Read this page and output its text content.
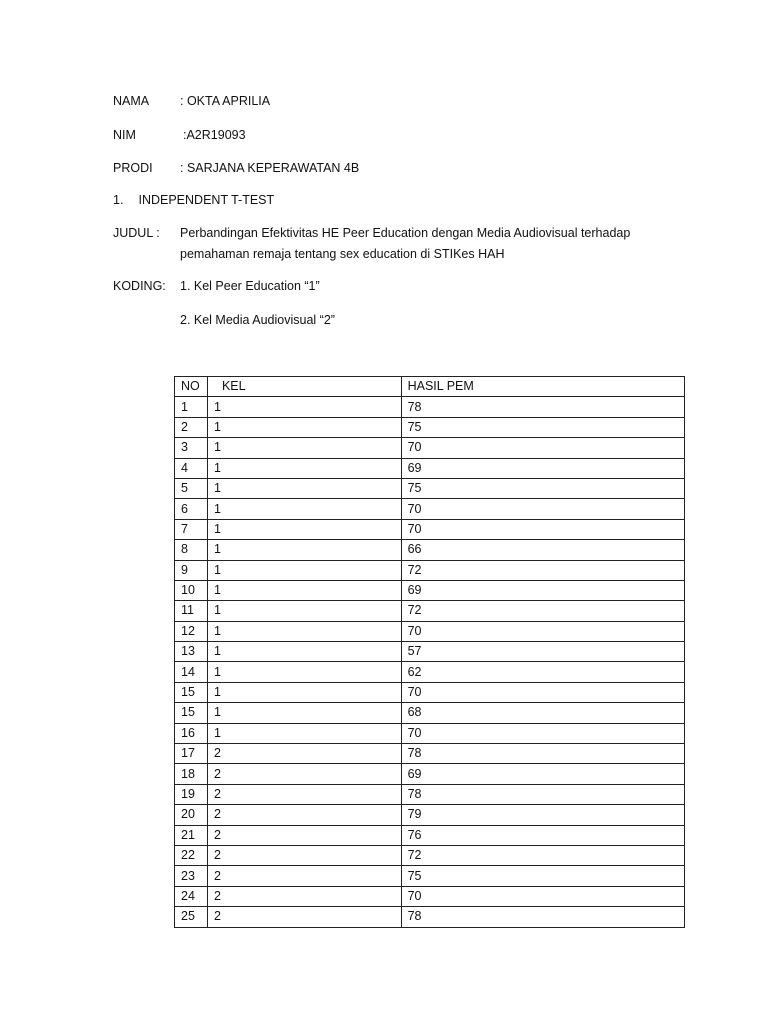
NAMA	: OKTA APRILIA
NIM	:A2R19093
PRODI	: SARJANA KEPERAWATAN 4B
1. INDEPENDENT T-TEST
JUDUL :	Perbandingan Efektivitas HE Peer Education dengan Media Audiovisual terhadap
pemahaman remaja tentang sex education di STIKes HAH
KODING:	1. Kel Peer Education “1”
2. Kel Media Audiovisual “2”
NO	KEL	HASIL PEM
1	1	78
2	1	75
3	1	70
4	1	69
5	1	75
6	1	70
7	1	70
8	1	66
9	1	72
10	1	69
11	1	72
12	1	70
13	1	57
14	1	62
15	1	70
15	1	68
16	1	70
17	2	78
18	2	69
19	2	78
20	2	79
21	2	76
22	2	72
23	2	75
24	2	70
25	2	78
